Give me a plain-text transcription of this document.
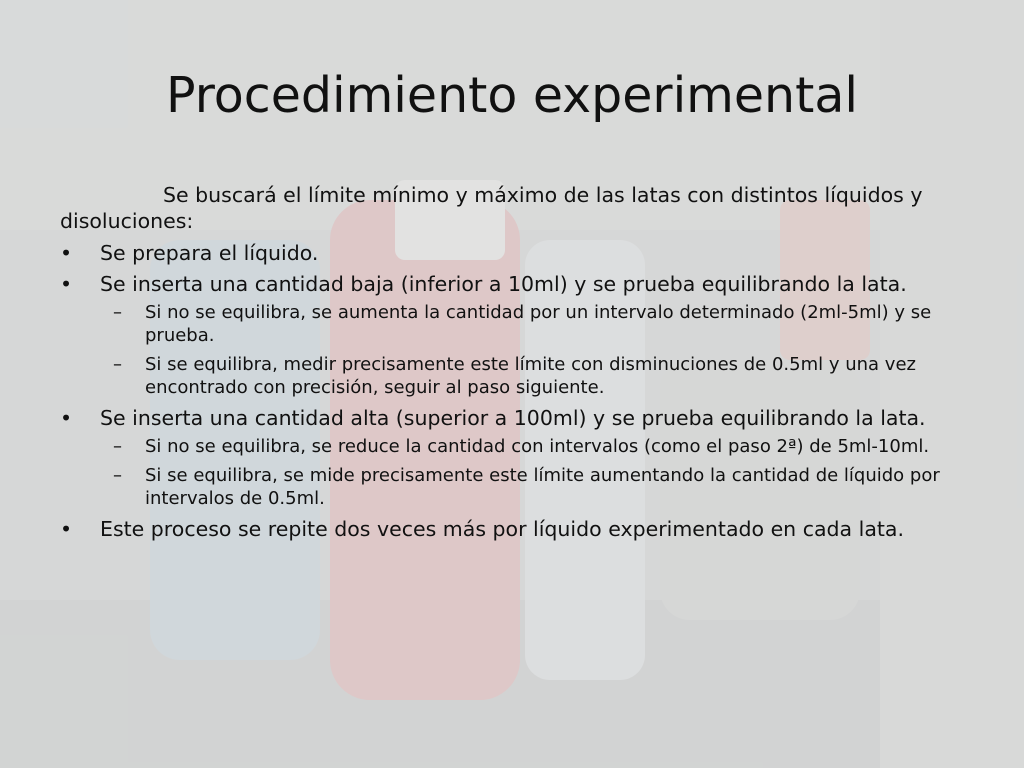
Procedimiento experimental

Se buscará el límite mínimo y máximo de las latas con distintos líquidos y disoluciones:

•	Se prepara el líquido.
•	Se inserta una cantidad baja (inferior a 10ml) y se prueba equilibrando la lata.
– Si no se equilibra, se aumenta la cantidad por un intervalo determinado (2ml-5ml) y se prueba.
– Si se equilibra, medir precisamente este límite con disminuciones de 0.5ml y una vez encontrado con precisión, seguir al paso siguiente.
•	Se inserta una cantidad alta (superior a 100ml) y se prueba equilibrando la lata.
– Si no se equilibra, se reduce la cantidad con intervalos (como el paso 2ª) de 5ml-10ml.
– Si se equilibra, se mide precisamente este límite aumentando la cantidad de líquido por intervalos de 0.5ml.
•	Este proceso se repite dos veces más por líquido experimentado en cada lata.
